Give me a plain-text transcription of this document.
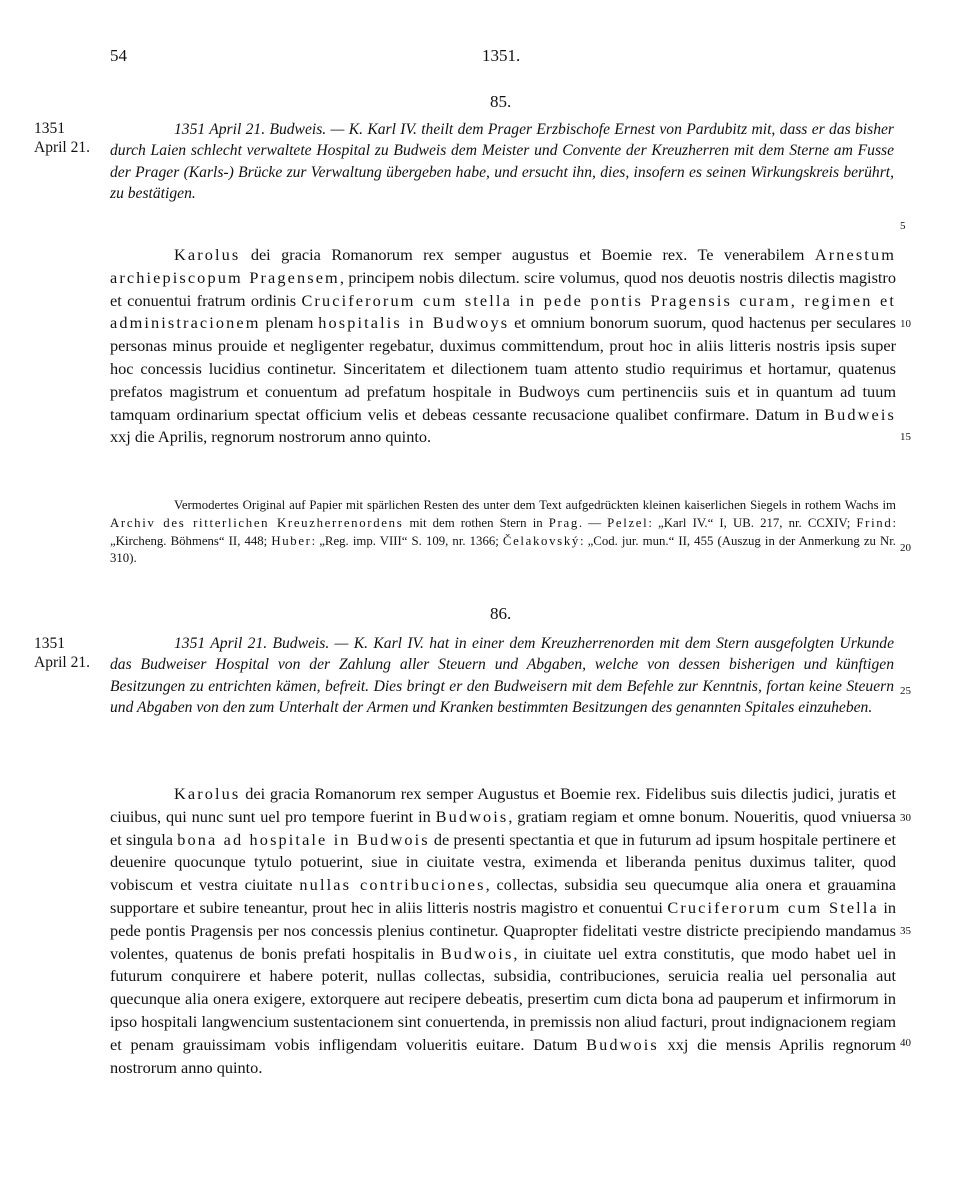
54	1351.
85.
1351
April 21.
1351 April 21. Budweis. — K. Karl IV. theilt dem Prager Erzbischofe Ernest von Pardubitz mit, dass er das bisher durch Laien schlecht verwaltete Hospital zu Budweis dem Meister und Convente der Kreuzherren mit dem Sterne am Fusse der Prager (Karls-) Brücke zur Verwaltung übergeben habe, und ersucht ihn, dies, insofern es seinen Wirkungskreis berührt, zu bestätigen.
Karolus dei gracia Romanorum rex semper augustus et Boemie rex. Te venerabilem Arnestum archiepiscopum Pragensem, principem nobis dilectum. scire volumus, quod nos deuotis nostris dilectis magistro et conuentui fratrum ordinis Cruciferorum cum stella in pede pontis Pragensis curam, regimen et administracionem plenam hospitalis in Budwoys et omnium bonorum suorum, quod hactenus per seculares personas minus prouide et negligenter regebatur, duximus committendum, prout hoc in aliis litteris nostris ipsis super hoc concessis lucidius continetur. Sinceritatem et dilectionem tuam attento studio requirimus et hortamur, quatenus prefatos magistrum et conuentum ad prefatum hospitale in Budwoys cum pertinenciis suis et in quantum ad tuum tamquam ordinarium spectat officium velis et debeas cessante recusacione qualibet confirmare. Datum in Budweis xxj die Aprilis, regnorum nostrorum anno quinto.
Vermodertes Original auf Papier mit spärlichen Resten des unter dem Text aufgedrückten kleinen kaiserlichen Siegels in rothem Wachs im Archiv des ritterlichen Kreuzherrenordens mit dem rothen Stern in Prag. — Pelzel: „Karl IV.“ I, UB. 217, nr. CCXIV; Frind: „Kircheng. Böhmens“ II, 448; Huber: „Reg. imp. VIII“ S. 109, nr. 1366; Čelakovský: „Cod. jur. mun.“ II, 455 (Auszug in der Anmerkung zu Nr. 310).
86.
1351
April 21.
1351 April 21. Budweis. — K. Karl IV. hat in einer dem Kreuzherrenorden mit dem Stern ausgefolgten Urkunde das Budweiser Hospital von der Zahlung aller Steuern und Abgaben, welche von dessen bisherigen und künftigen Besitzungen zu entrichten kämen, befreit. Dies bringt er den Budweisern mit dem Befehle zur Kenntnis, fortan keine Steuern und Abgaben von den zum Unterhalt der Armen und Kranken bestimmten Besitzungen des genannten Spitales einzuheben.
Karolus dei gracia Romanorum rex semper Augustus et Boemie rex. Fidelibus suis dilectis judici, juratis et ciuibus, qui nunc sunt uel pro tempore fuerint in Budwois, gratiam regiam et omne bonum. Noueritis, quod vniuersa et singula bona ad hospitale in Budwois de presenti spectantia et que in futurum ad ipsum hospitale pertinere et deuenire quocunque tytulo potuerint, siue in ciuitate vestra, eximenda et liberanda penitus duximus taliter, quod vobiscum et vestra ciuitate nullas contribuciones, collectas, subsidia seu quecumque alia onera et grauamina supportare et subire teneantur, prout hec in aliis litteris nostris magistro et conuentui Cruciferorum cum Stella in pede pontis Pragensis per nos concessis plenius continetur. Quapropter fidelitati vestre districte precipiendo mandamus volentes, quatenus de bonis prefati hospitalis in Budwois, in ciuitate uel extra constitutis, que modo habet uel in futurum conquirere et habere poterit, nullas collectas, subsidia, contribuciones, seruicia realia uel personalia aut quecunque alia onera exigere, extorquere aut recipere debeatis, presertim cum dicta bona ad pauperum et infirmorum in ipso hospitali langwencium sustentacionem sint conuertenda, in premissis non aliud facturi, prout indignacionem regiam et penam grauissimam vobis infligendam volueritis euitare. Datum Budwois xxj die mensis Aprilis regnorum nostrorum anno quinto.
5
10
15
20
25
30
35
40
